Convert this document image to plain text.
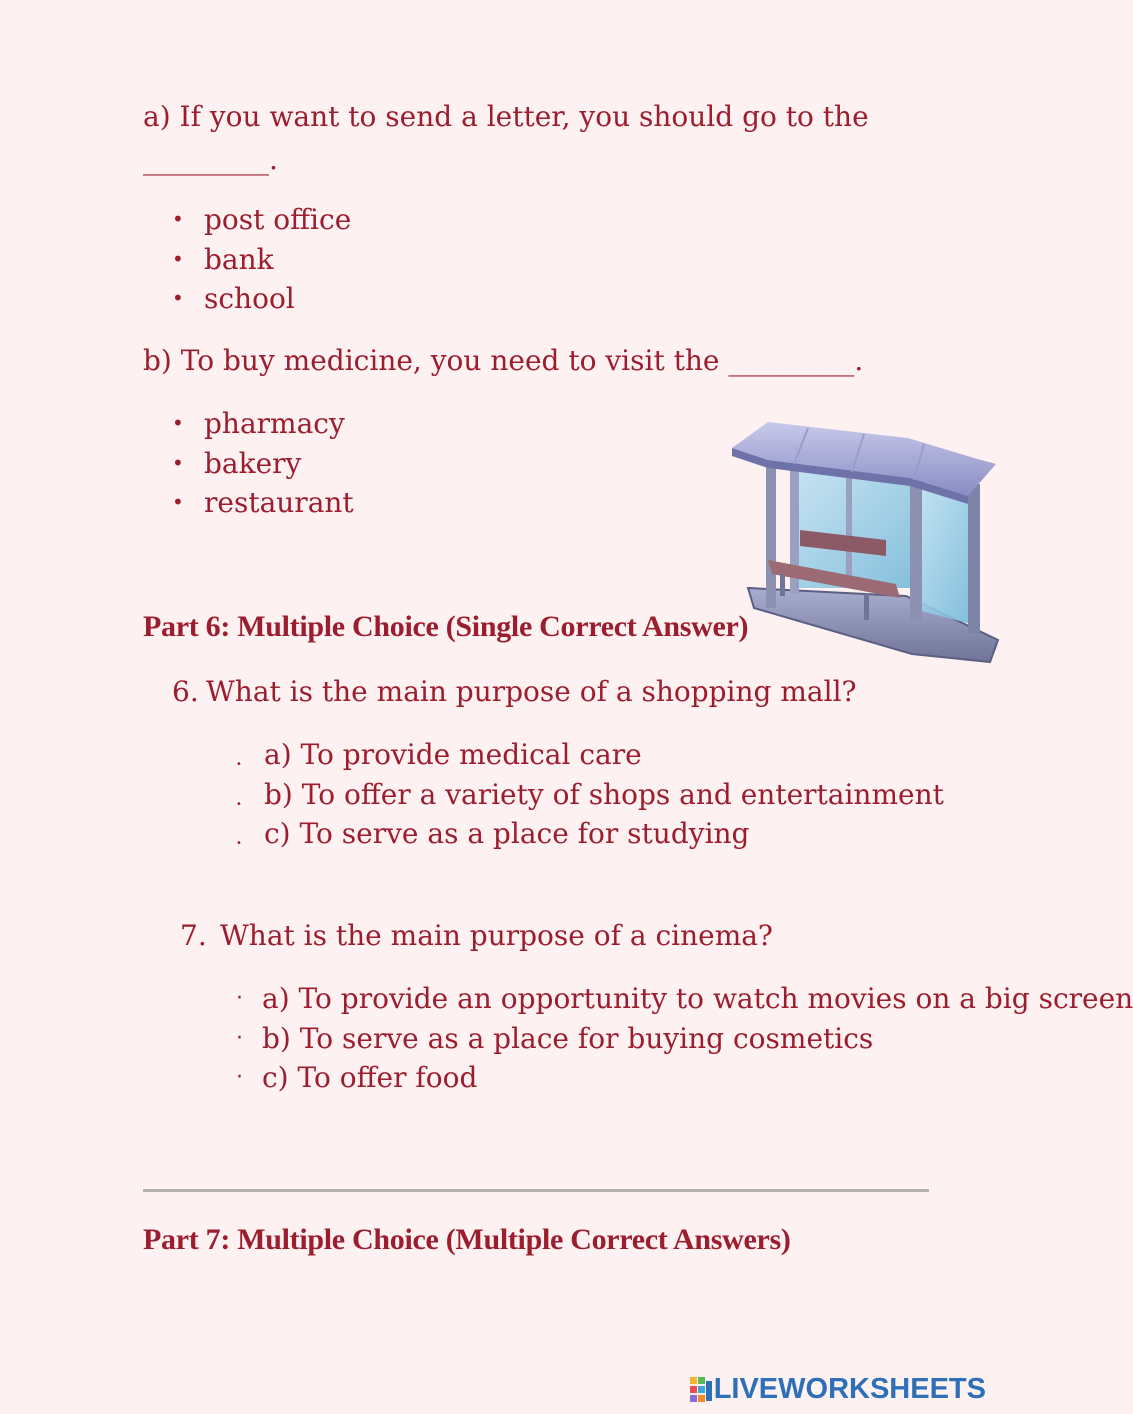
a) If you want to send a letter, you should go to the
_________.
• post office
• bank
• school
b) To buy medicine, you need to visit the _________.
• pharmacy
• bakery
• restaurant
Part 6: Multiple Choice (Single Correct Answer)
6. What is the main purpose of a shopping mall?
• a) To provide medical care
• b) To offer a variety of shops and entertainment
• c) To serve as a place for studying
7. What is the main purpose of a cinema?
· a) To provide an opportunity to watch movies on a big screen
· b) To serve as a place for buying cosmetics
· c) To offer food
Part 7: Multiple Choice (Multiple Correct Answers)
LIVEWORKSHEETS
